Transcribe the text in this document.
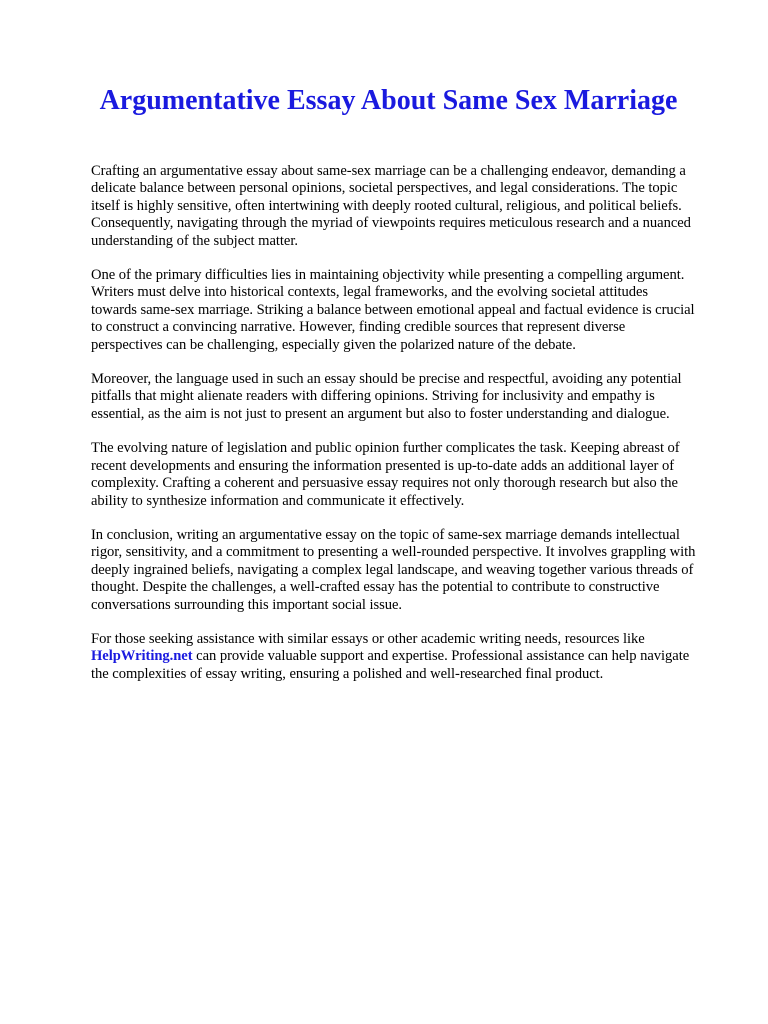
Argumentative Essay About Same Sex Marriage

Crafting an argumentative essay about same-sex marriage can be a challenging endeavor, demanding a delicate balance between personal opinions, societal perspectives, and legal considerations. The topic itself is highly sensitive, often intertwining with deeply rooted cultural, religious, and political beliefs. Consequently, navigating through the myriad of viewpoints requires meticulous research and a nuanced understanding of the subject matter.

One of the primary difficulties lies in maintaining objectivity while presenting a compelling argument. Writers must delve into historical contexts, legal frameworks, and the evolving societal attitudes towards same-sex marriage. Striking a balance between emotional appeal and factual evidence is crucial to construct a convincing narrative. However, finding credible sources that represent diverse perspectives can be challenging, especially given the polarized nature of the debate.

Moreover, the language used in such an essay should be precise and respectful, avoiding any potential pitfalls that might alienate readers with differing opinions. Striving for inclusivity and empathy is essential, as the aim is not just to present an argument but also to foster understanding and dialogue.

The evolving nature of legislation and public opinion further complicates the task. Keeping abreast of recent developments and ensuring the information presented is up-to-date adds an additional layer of complexity. Crafting a coherent and persuasive essay requires not only thorough research but also the ability to synthesize information and communicate it effectively.

In conclusion, writing an argumentative essay on the topic of same-sex marriage demands intellectual rigor, sensitivity, and a commitment to presenting a well-rounded perspective. It involves grappling with deeply ingrained beliefs, navigating a complex legal landscape, and weaving together various threads of thought. Despite the challenges, a well-crafted essay has the potential to contribute to constructive conversations surrounding this important social issue.

For those seeking assistance with similar essays or other academic writing needs, resources like HelpWriting.net can provide valuable support and expertise. Professional assistance can help navigate the complexities of essay writing, ensuring a polished and well-researched final product.
